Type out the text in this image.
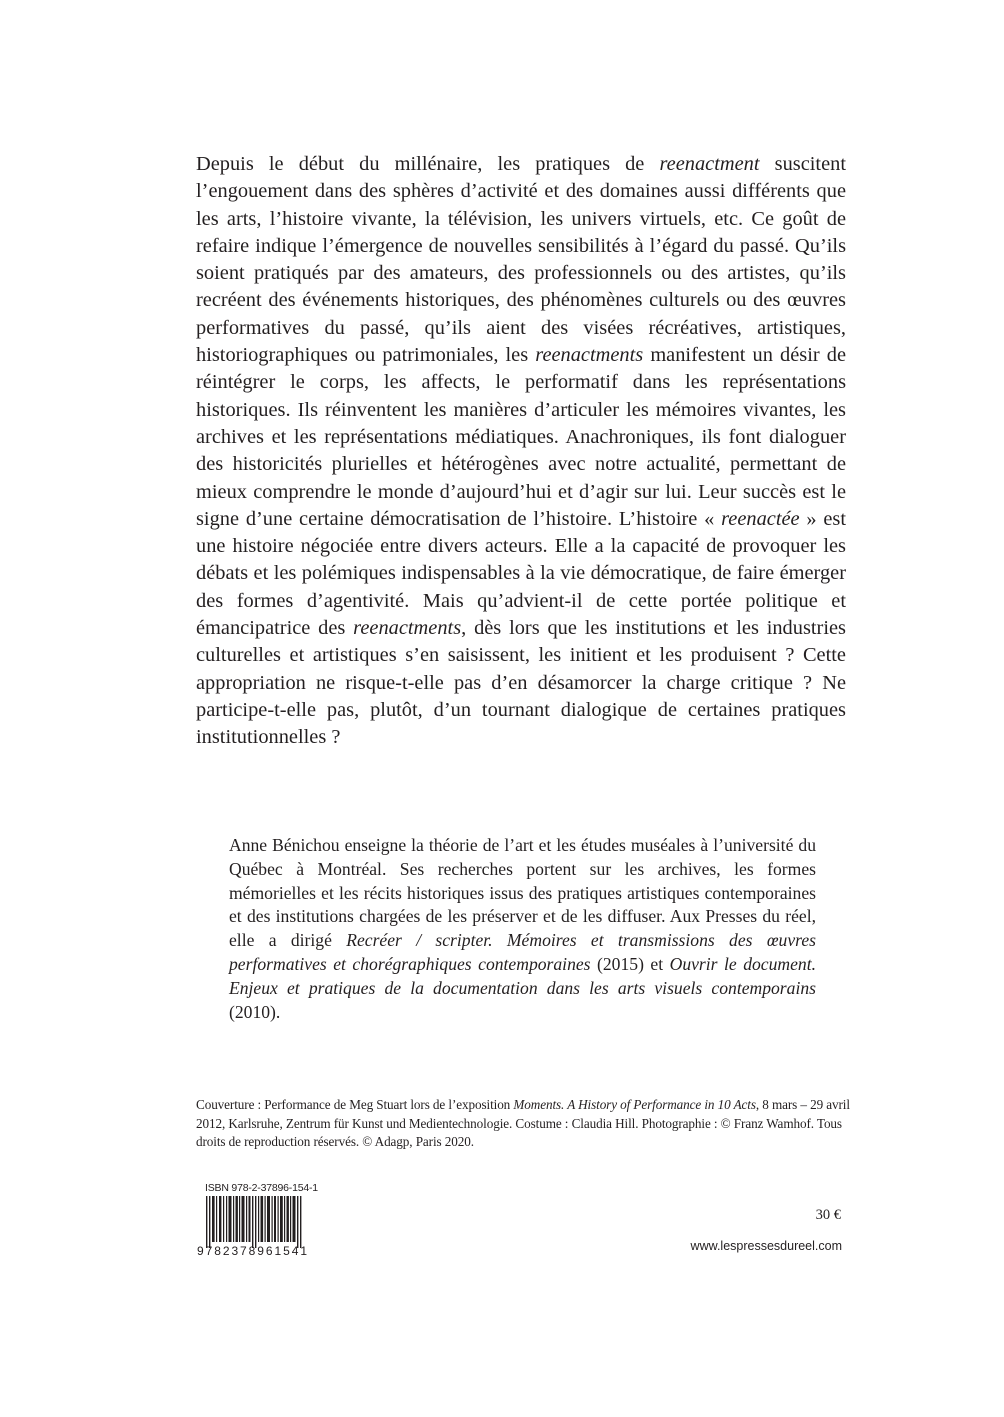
Depuis le début du millénaire, les pratiques de reenactment suscitent l’engouement dans des sphères d’activité et des domaines aussi différents que les arts, l’histoire vivante, la télévision, les univers virtuels, etc. Ce goût de refaire indique l’émergence de nouvelles sensibilités à l’égard du passé. Qu’ils soient pratiqués par des amateurs, des professionnels ou des artistes, qu’ils recréent des événements historiques, des phénomènes culturels ou des œuvres performatives du passé, qu’ils aient des visées récréatives, artistiques, historiographiques ou patrimoniales, les reenactments manifestent un désir de réintégrer le corps, les affects, le performatif dans les représentations historiques. Ils réinventent les manières d’articuler les mémoires vivantes, les archives et les représentations médiatiques. Anachroniques, ils font dialoguer des historicités plurielles et hétérogènes avec notre actualité, permettant de mieux comprendre le monde d’aujourd’hui et d’agir sur lui. Leur succès est le signe d’une certaine démocratisation de l’histoire. L’histoire « reenactée » est une histoire négociée entre divers acteurs. Elle a la capacité de provoquer les débats et les polémiques indispensables à la vie démocratique, de faire émerger des formes d’agentivité. Mais qu’advient-il de cette portée politique et émancipatrice des reenactments, dès lors que les institutions et les industries culturelles et artistiques s’en saisissent, les initient et les produisent ? Cette appropriation ne risque-t-elle pas d’en désamorcer la charge critique ? Ne participe-t-elle pas, plutôt, d’un tournant dialogique de certaines pratiques institutionnelles ?

Anne Bénichou enseigne la théorie de l’art et les études muséales à l’université du Québec à Montréal. Ses recherches portent sur les archives, les formes mémorielles et les récits historiques issus des pratiques artistiques contemporaines et des institutions chargées de les préserver et de les diffuser. Aux Presses du réel, elle a dirigé Recréer / scripter. Mémoires et transmissions des œuvres performatives et chorégraphiques contemporaines (2015) et Ouvrir le document. Enjeux et pratiques de la documentation dans les arts visuels contemporains (2010).

Couverture : Performance de Meg Stuart lors de l’exposition Moments. A History of Performance in 10 Acts, 8 mars – 29 avril 2012, Karlsruhe, Zentrum für Kunst und Medientechnologie. Costume : Claudia Hill. Photographie : © Franz Wamhof. Tous droits de reproduction réservés. © Adagp, Paris 2020.

ISBN 978-2-37896-154-1
9782378961541
30 €
www.lespressesdureel.com
